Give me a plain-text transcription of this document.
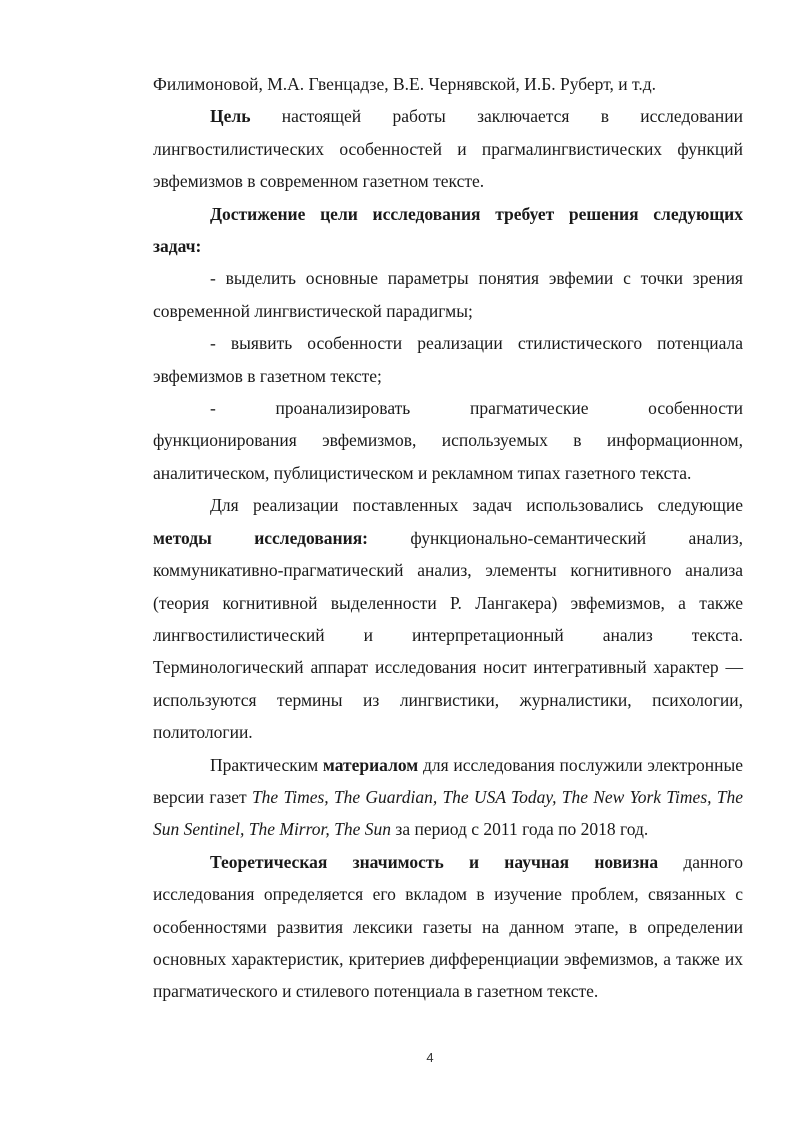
Филимоновой, М.А. Гвенцадзе, В.Е. Чернявской, И.Б. Руберт, и т.д.

Цель настоящей работы заключается в исследовании лингвостилистических особенностей и прагмалингвистических функций эвфемизмов в современном газетном тексте.

Достижение цели исследования требует решения следующих задач:

- выделить основные параметры понятия эвфемии с точки зрения современной лингвистической парадигмы;

- выявить особенности реализации стилистического потенциала эвфемизмов в газетном тексте;

-	проанализировать	прагматические	особенности

функционирования эвфемизмов, используемых в информационном, аналитическом, публицистическом и рекламном типах газетного текста.

Для реализации поставленных задач использовались следующие методы исследования: функционально-семантический анализ, коммуникативно-прагматический анализ, элементы когнитивного анализа (теория когнитивной выделенности Р. Лангакера) эвфемизмов, а также лингвостилистический и интерпретационный анализ текста. Терминологический аппарат исследования носит интегративный характер — используются термины из лингвистики, журналистики, психологии, политологии.

Практическим материалом для исследования послужили электронные версии газет The Times, The Guardian, The USA Today, The New York Times, The Sun Sentinel, The Mirror, The Sun за период с 2011 года по 2018 год.

Теоретическая значимость и научная новизна данного исследования определяется его вкладом в изучение проблем, связанных с особенностями развития лексики газеты на данном этапе, в определении основных характеристик, критериев дифференциации эвфемизмов, а также их прагматического и стилевого потенциала в газетном тексте.

4
